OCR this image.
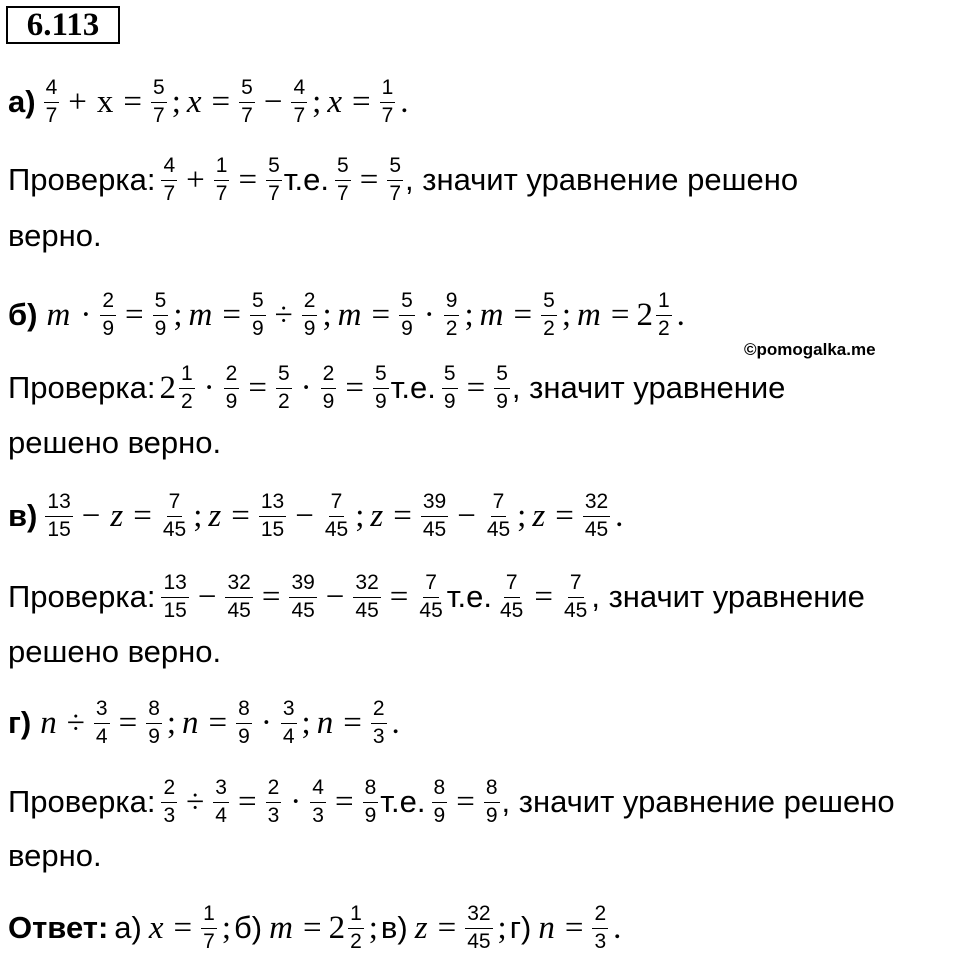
6.113
$а) \frac{4}{7} + x = \frac{5}{7}$ ; $x = \frac{5}{7} - \frac{4}{7}$ ; $x = \frac{1}{7}$ .
Проверка: $\frac{4}{7} + \frac{1}{7} = \frac{5}{7} т.е$. $\frac{5}{7} = \frac{5}{7}$ , значит уравнение решено
верно.
б) $m \cdot \frac{2}{9} = \frac{5}{9}$ ; $m = \frac{5}{9} \div \frac{2}{9}$ ; $m = \frac{5}{9} \cdot \frac{9}{2}$ ; $m = \frac{5}{2}$ ; $m = 2 \frac{1}{2}$ .
©pomogalka.me
Проверка: $2 \frac{1}{2} \cdot \frac{2}{9} = \frac{5}{2} \cdot \frac{2}{9} = \frac{5}{9} т.е$. $\frac{5}{9} = \frac{5}{9}$ , значит уравнение
решено верно.
$в) \frac{13}{15} - z = \frac{7}{45}$ ; $z = \frac{13}{15} - \frac{7}{45}$ ; $z = \frac{39}{45} - \frac{7}{45}$ ; $z = \frac{32}{45}$ .
Проверка: $\frac{13}{15} - \frac{32}{45} = \frac{39}{45} - \frac{32}{45} = \frac{7}{45} т.е$. $\frac{7}{45} = \frac{7}{45}$ , значит уравнение
решено верно.
г) $n \div \frac{3}{4} = \frac{8}{9}$ ; $n = \frac{8}{9} \cdot \frac{3}{4}$ ; $n = \frac{2}{3}$ .
Проверка: $\frac{2}{3} \div \frac{3}{4} = \frac{2}{3} \cdot \frac{4}{3} = \frac{8}{9} т.е$. $\frac{8}{9} = \frac{8}{9}$ , значит уравнение решено
верно.
Ответ: а) $x = \frac{1}{7}$ ; б) $m = 2 \frac{1}{2}$ ; в) $z = \frac{32}{45}$ ; г) $n = \frac{2}{3}$ .
